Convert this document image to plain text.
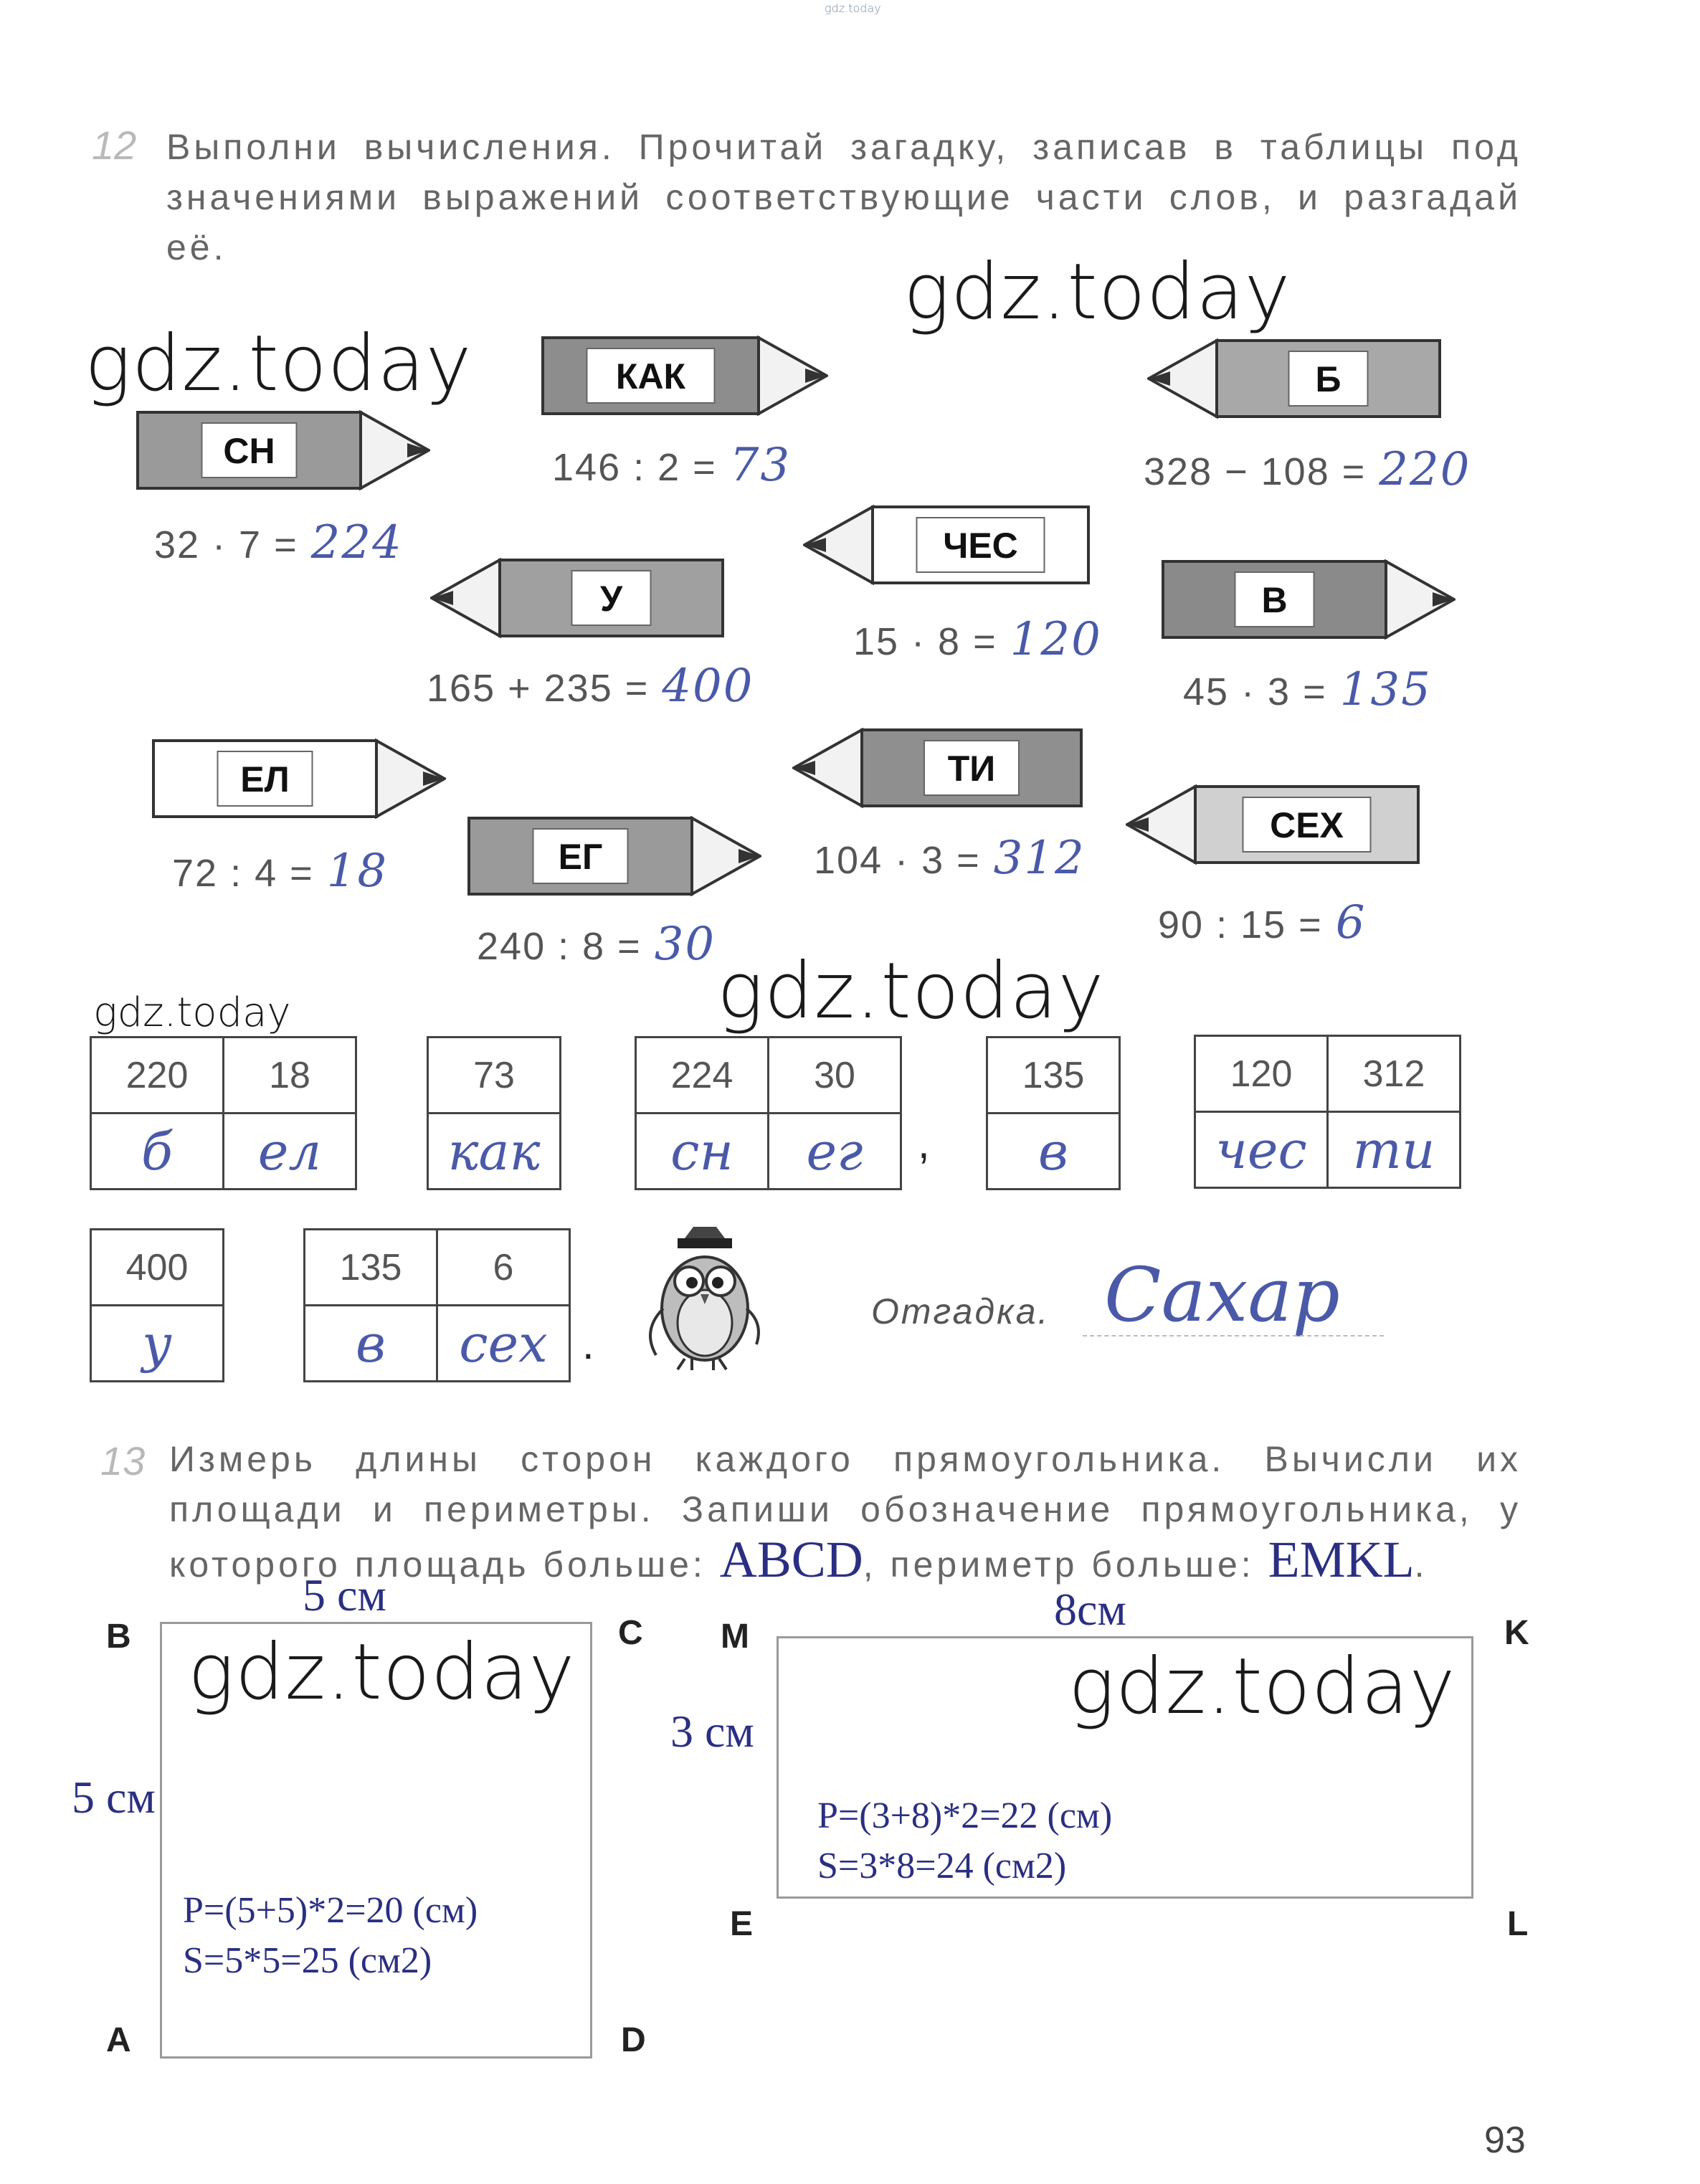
gdz.today
gdz.today
gdz.today
gdz.today	gdz.today
gdz.today	gdz.today
12 Выполни вычисления. Прочитай загадку, записав в таблицы под значениями выражений соответствующие части слов, и разгадай её.
КАК
146 : 2 = 73
Б
328 − 108 = 220
СН
32 · 7 = 224	ЧЕС
15 · 8 = 120
У
165 + 235 = 400
В
45 · 3 = 135
ЕЛ
72 : 4 = 18
ТИ
104 · 3 = 312
ЕГ
240 : 8 = 30
СЕХ
90 : 15 = 6
220	18
б	ел
73
как
224	30
сн	ег
135
в
120	312
чес	ти
400
у
135	6
в	сех
,
.
Отгадка. Сахар
13 Измерь длины сторон каждого прямоугольника. Вычисли их площади и периметры. Запиши обозначение прямоугольника, у которого площадь больше: ABCD, периметр больше: EMKL.
B	C
A	D
5 см
5 см
P=(5+5)*2=20 (см)
S=5*5=25 (см2)
M	K
E	L
8см
3 см
P=(3+8)*2=22 (см)
S=3*8=24 (см2)
93
